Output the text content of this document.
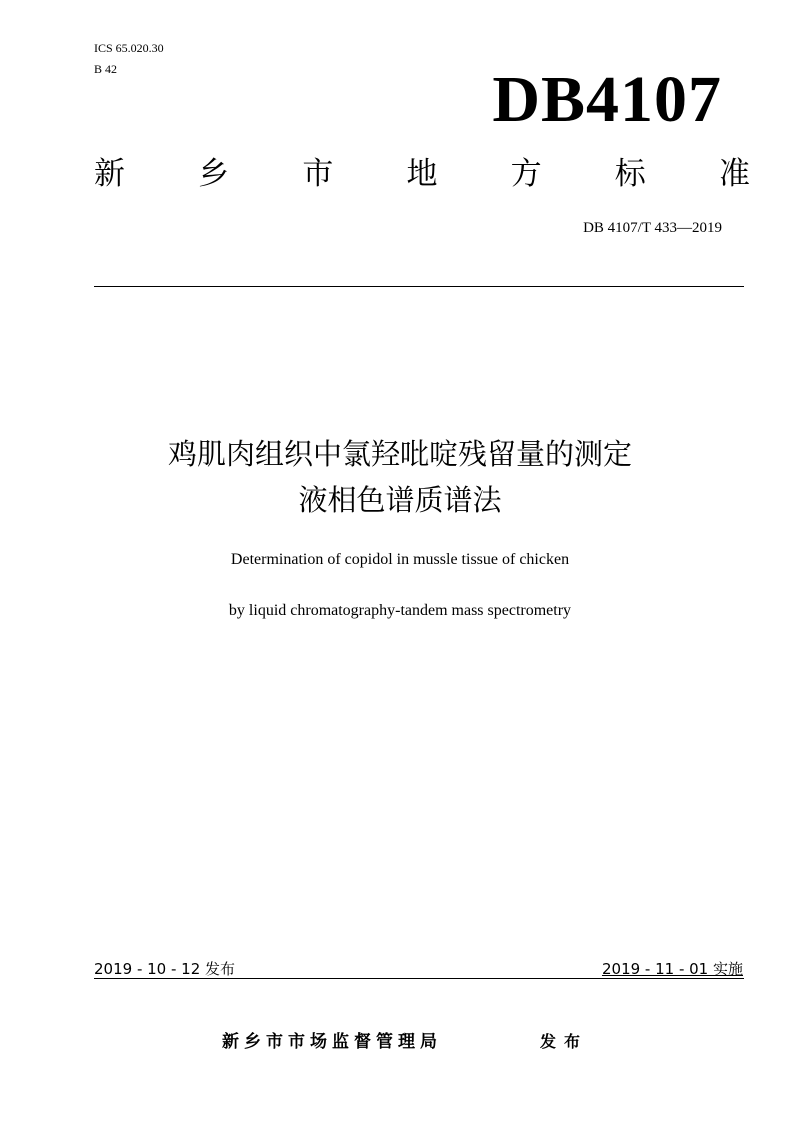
ICS 65.020.30
B 42	DB4107
新 乡 市 地 方 标 准
DB 4107/T 433—2019
鸡肌肉组织中氯羟吡啶残留量的测定
液相色谱质谱法
Determination of copidol in mussle tissue of chicken
by liquid chromatography-tandem mass spectrometry
2019 - 10 - 12 发布	2019 - 11 - 01 实施
新乡市市场监督管理局	发布
